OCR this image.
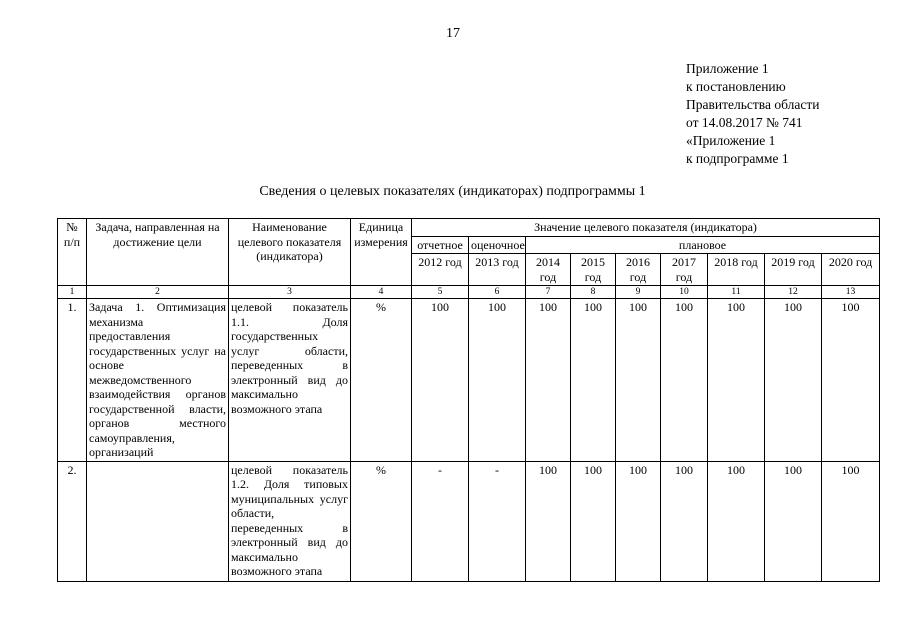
17
Приложение 1
к постановлению
Правительства области
от 14.08.2017 № 741
«Приложение 1
к подпрограмме 1
Сведения о целевых показателях (индикаторах) подпрограммы 1
№ п/п	Задача, направленная на достижение цели	Наименование целевого показателя (индикатора)	Единица измерения	Значение целевого показателя (индикатора)								
				отчетное	оценочное	плановое						
				2012 год	2013 год	2014 год	2015 год	2016 год	2017 год	2018 год	2019 год	2020 год
1	2	3	4	5	6	7	8	9	10	11	12	13
1.	Задача 1. Оптимизация механизма предоставления государственных услуг на основе межведомственного взаимодействия органов государственной власти, органов местного самоуправления, организаций	целевой показатель 1.1. Доля государственных услуг области, переведенных в электронный вид до максимально возможного этапа	%	100	100	100	100	100	100	100	100	100
2.		целевой показатель 1.2. Доля типовых муниципальных услуг области, переведенных в электронный вид до максимально возможного этапа	%	-	-	100	100	100	100	100	100	100
